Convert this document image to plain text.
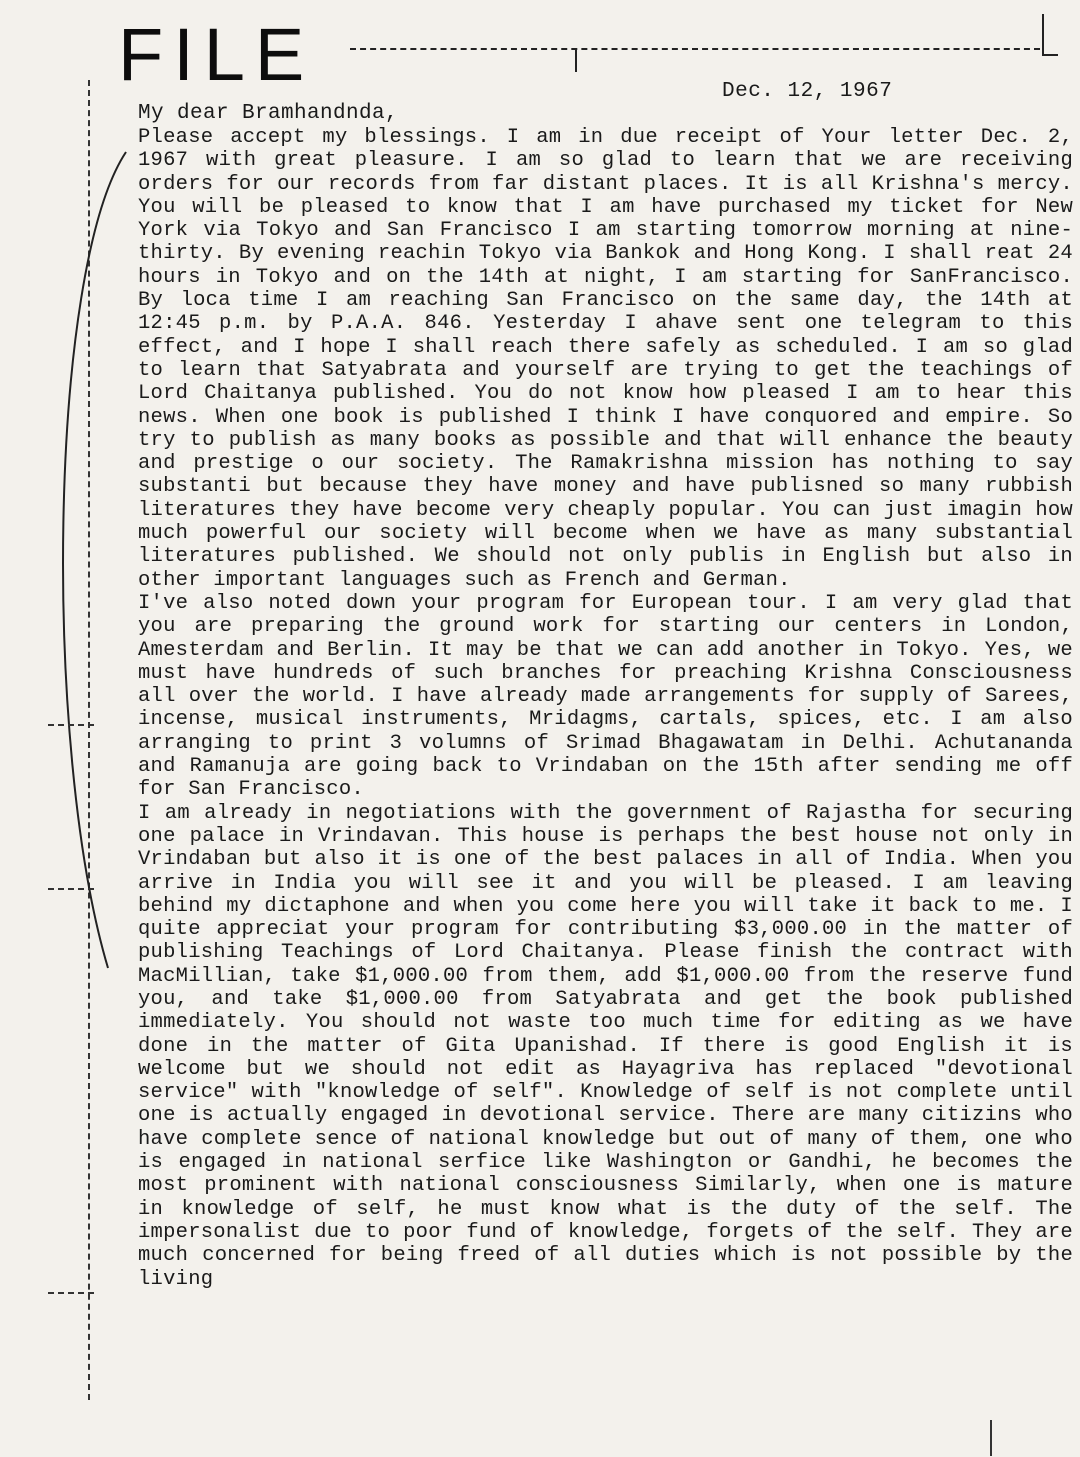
FILE	Dec. 12, 1967
My dear Bramhandnda,

Please accept my blessings. I am in due receipt of Your letter Dec. 2, 1967 with great pleasure. I am so glad to learn that we are receiving orders for our records from far distant places. It is all Krishna's mercy. You will be pleased to know that I am have purchased my ticket for New York via Tokyo and San Francisco I am starting tomorrow morning at nine-thirty. By evening reachin Tokyo via Bankok and Hong Kong. I shall reat 24 hours in Tokyo and on the 14th at night, I am starting for SanFrancisco. By loca time I am reaching San Francisco on the same day, the 14th at 12:45 p.m. by P.A.A. 846. Yesterday I ahave sent one telegram to this effect, and I hope I shall reach there safely as scheduled. I am so glad to learn that Satyabrata and yourself are trying to get the teachings of Lord Chaitanya published. You do not know how pleased I am to hear this news. When one book is published I think I have conquored and empire. So try to publish as many books as possible and that will enhance the beauty and prestige o our society. The Ramakrishna mission has nothing to say substanti but because they have money and have publisned so many rubbish literatures they have become very cheaply popular. You can just imagin how much powerful our society will become when we have as many substantial literatures published. We should not only publis in English but also in other important languages such as French and German.

I've also noted down your program for European tour. I am very glad that you are preparing the ground work for starting our centers in London, Amesterdam and Berlin. It may be that we can add another in Tokyo. Yes, we must have hundreds of such branches for preaching Krishna Consciousness all over the world. I have already made arrangements for supply of Sarees, incense, musical instruments, Mridagms, cartals, spices, etc. I am also arranging to print 3 volumns of Srimad Bhagawatam in Delhi. Achutananda and Ramanuja are going back to Vrindaban on the 15th after sending me off for San Francisco.

I am already in negotiations with the government of Rajastha for securing one palace in Vrindavan. This house is perhaps the best house not only in Vrindaban but also it is one of the best palaces in all of India. When you arrive in India you will see it and you will be pleased. I am leaving behind my dictaphone and when you come here you will take it back to me. I quite appreciat your program for contributing $3,000.00 in the matter of publishing Teachings of Lord Chaitanya. Please finish the contract with MacMillian, take $1,000.00 from them, add $1,000.00 from the reserve fund you, and take $1,000.00 from Satyabrata and get the book published immediately. You should not waste too much time for editing as we have done in the matter of Gita Upanishad. If there is good English it is welcome but we should not edit as Hayagriva has replaced "devotional service" with "knowledge of self". Knowledge of self is not complete until one is actually engaged in devotional service. There are many citizins who have complete sence of national knowledge but out of many of them, one who is engaged in national serfice like Washington or Gandhi, he becomes the most prominent with national consciousness Similarly, when one is mature in knowledge of self, he must know what is the duty of the self. The impersonalist due to poor fund of knowledge, forgets of the self. They are much concerned for being freed of all duties which is not possible by the living
